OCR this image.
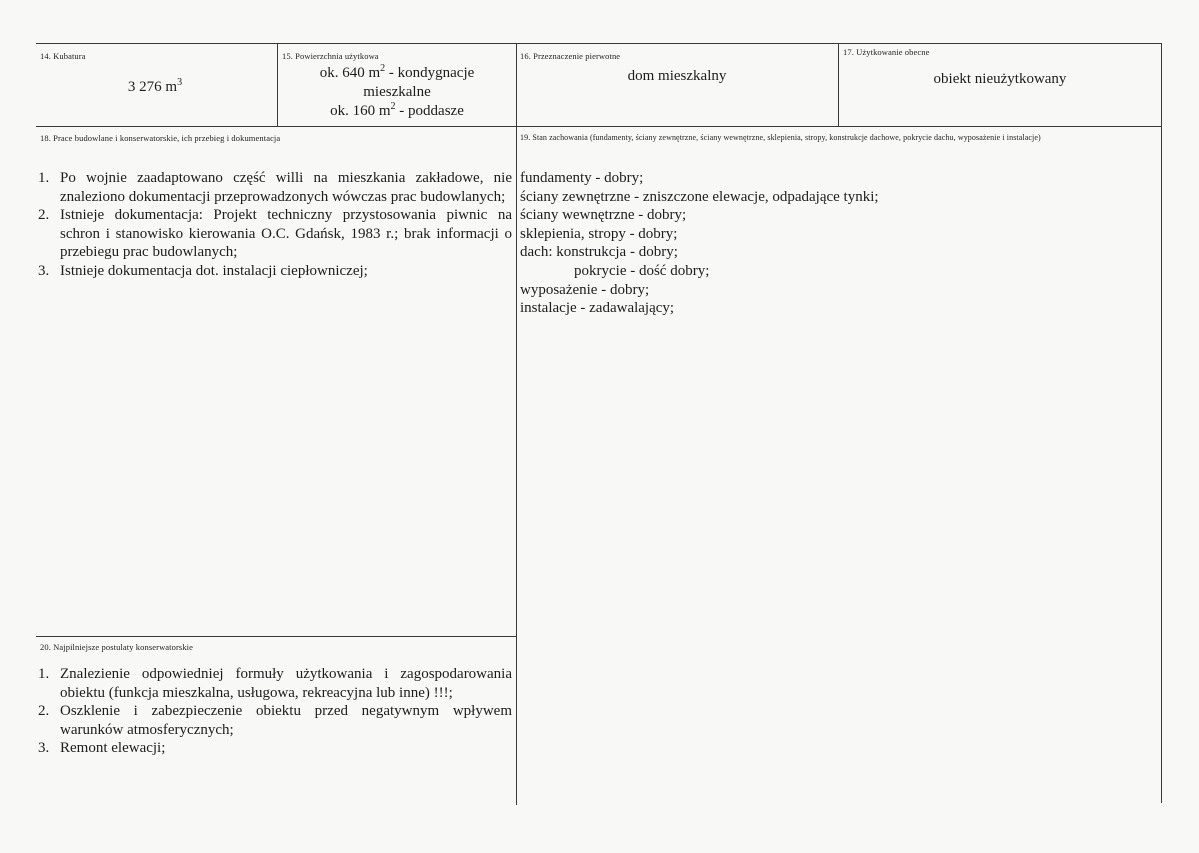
14. Kubatura
3 276 $m^3$
15. Powierzchnia użytkowa
ok. 640 $m^2$ - kondygnacje
mieszkalne
ok. 160 $m^2$ - poddasze
16. Przeznaczenie pierwotne
dom mieszkalny
17. Użytkowanie obecne
obiekt nieużytkowany
18. Prace budowlane i konserwatorskie, ich przebieg i dokumentacja
1. Po wojnie zaadaptowano część willi na mieszkania zakładowe, nie znaleziono dokumentacji przeprowadzonych wówczas prac budowlanych;
2. Istnieje dokumentacja: Projekt techniczny przystosowania piwnic na schron i stanowisko kierowania O.C. Gdańsk, 1983 r.; brak informacji o przebiegu prac budowlanych;
3. Istnieje dokumentacja dot. instalacji ciepłowniczej;
19. Stan zachowania (fundamenty, ściany zewnętrzne, ściany wewnętrzne, sklepienia, stropy, konstrukcje dachowe, pokrycie dachu, wyposażenie i instalacje)
fundamenty - dobry;
ściany zewnętrzne - zniszczone elewacje, odpadające tynki;
ściany wewnętrzne - dobry;
sklepienia, stropy - dobry;
dach: konstrukcja - dobry;
pokrycie - dość dobry;
wyposażenie - dobry;
instalacje - zadawalający;
20. Najpilniejsze postulaty konserwatorskie
1. Znalezienie odpowiedniej formuły użytkowania i zagospodarowania obiektu (funkcja mieszkalna, usługowa, rekreacyjna lub inne) !!!;
2. Oszklenie i zabezpieczenie obiektu przed negatywnym wpływem warunków atmosferycznych;
3. Remont elewacji;
